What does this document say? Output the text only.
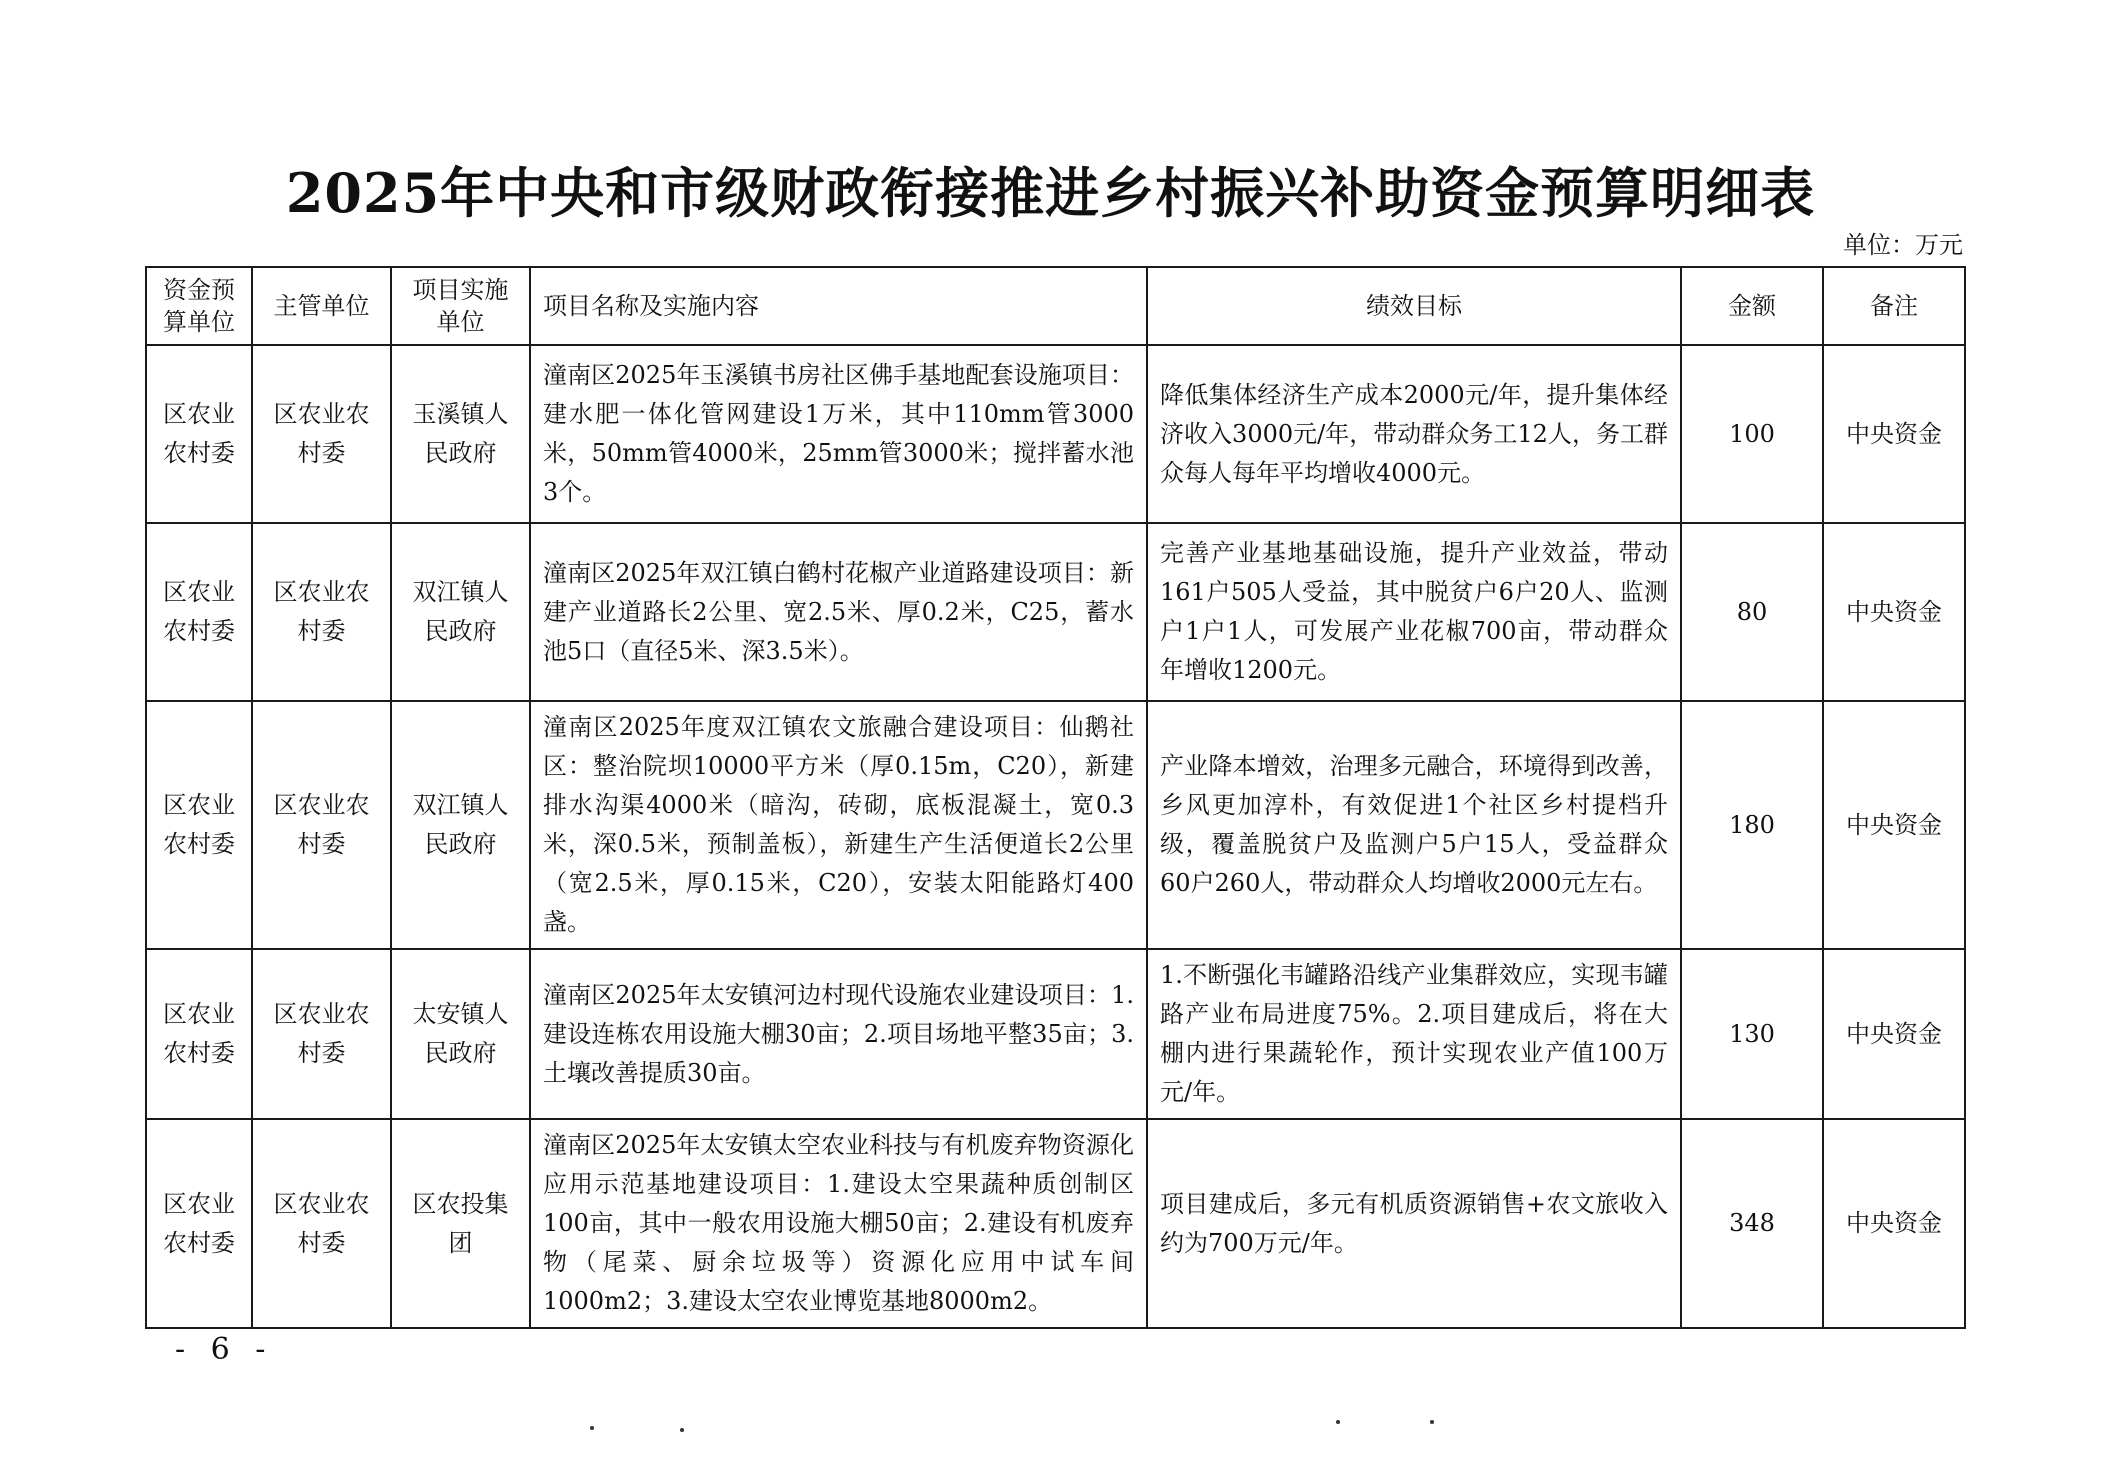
2025年中央和市级财政衔接推进乡村振兴补助资金预算明细表
单位：万元
资金预算单位	主管单位	项目实施单位	项目名称及实施内容	绩效目标	金额	备注
区农业农村委	区农业农村委	玉溪镇人民政府	潼南区2025年玉溪镇书房社区佛手基地配套设施项目：建水肥一体化管网建设1万米，其中110mm管3000米，50mm管4000米，25mm管3000米；搅拌蓄水池3个。	降低集体经济生产成本2000元/年，提升集体经济收入3000元/年，带动群众务工12人，务工群众每人每年平均增收4000元。	100	中央资金
区农业农村委	区农业农村委	双江镇人民政府	潼南区2025年双江镇白鹤村花椒产业道路建设项目：新建产业道路长2公里、宽2.5米、厚0.2米，C25，蓄水池5口（直径5米、深3.5米）。	完善产业基地基础设施，提升产业效益，带动161户505人受益，其中脱贫户6户20人、监测户1户1人，可发展产业花椒700亩，带动群众年增收1200元。	80	中央资金
区农业农村委	区农业农村委	双江镇人民政府	潼南区2025年度双江镇农文旅融合建设项目：仙鹅社区：整治院坝10000平方米（厚0.15m，C20），新建排水沟渠4000米（暗沟，砖砌，底板混凝土，宽0.3米，深0.5米，预制盖板），新建生产生活便道长2公里（宽2.5米，厚0.15米，C20），安装太阳能路灯400盏。	产业降本增效，治理多元融合，环境得到改善，乡风更加淳朴，有效促进1个社区乡村提档升级，覆盖脱贫户及监测户5户15人，受益群众60户260人，带动群众人均增收2000元左右。	180	中央资金
区农业农村委	区农业农村委	太安镇人民政府	潼南区2025年太安镇河边村现代设施农业建设项目：1.建设连栋农用设施大棚30亩；2.项目场地平整35亩；3.土壤改善提质30亩。	1.不断强化韦罐路沿线产业集群效应，实现韦罐路产业布局进度75%。2.项目建成后，将在大棚内进行果蔬轮作，预计实现农业产值100万元/年。	130	中央资金
区农业农村委	区农业农村委	区农投集团	潼南区2025年太安镇太空农业科技与有机废弃物资源化应用示范基地建设项目：1.建设太空果蔬种质创制区100亩，其中一般农用设施大棚50亩；2.建设有机废弃物（尾菜、厨余垃圾等）资源化应用中试车间1000m2；3.建设太空农业博览基地8000m2。	项目建成后，多元有机质资源销售+农文旅收入约为700万元/年。	348	中央资金
- 6 -
